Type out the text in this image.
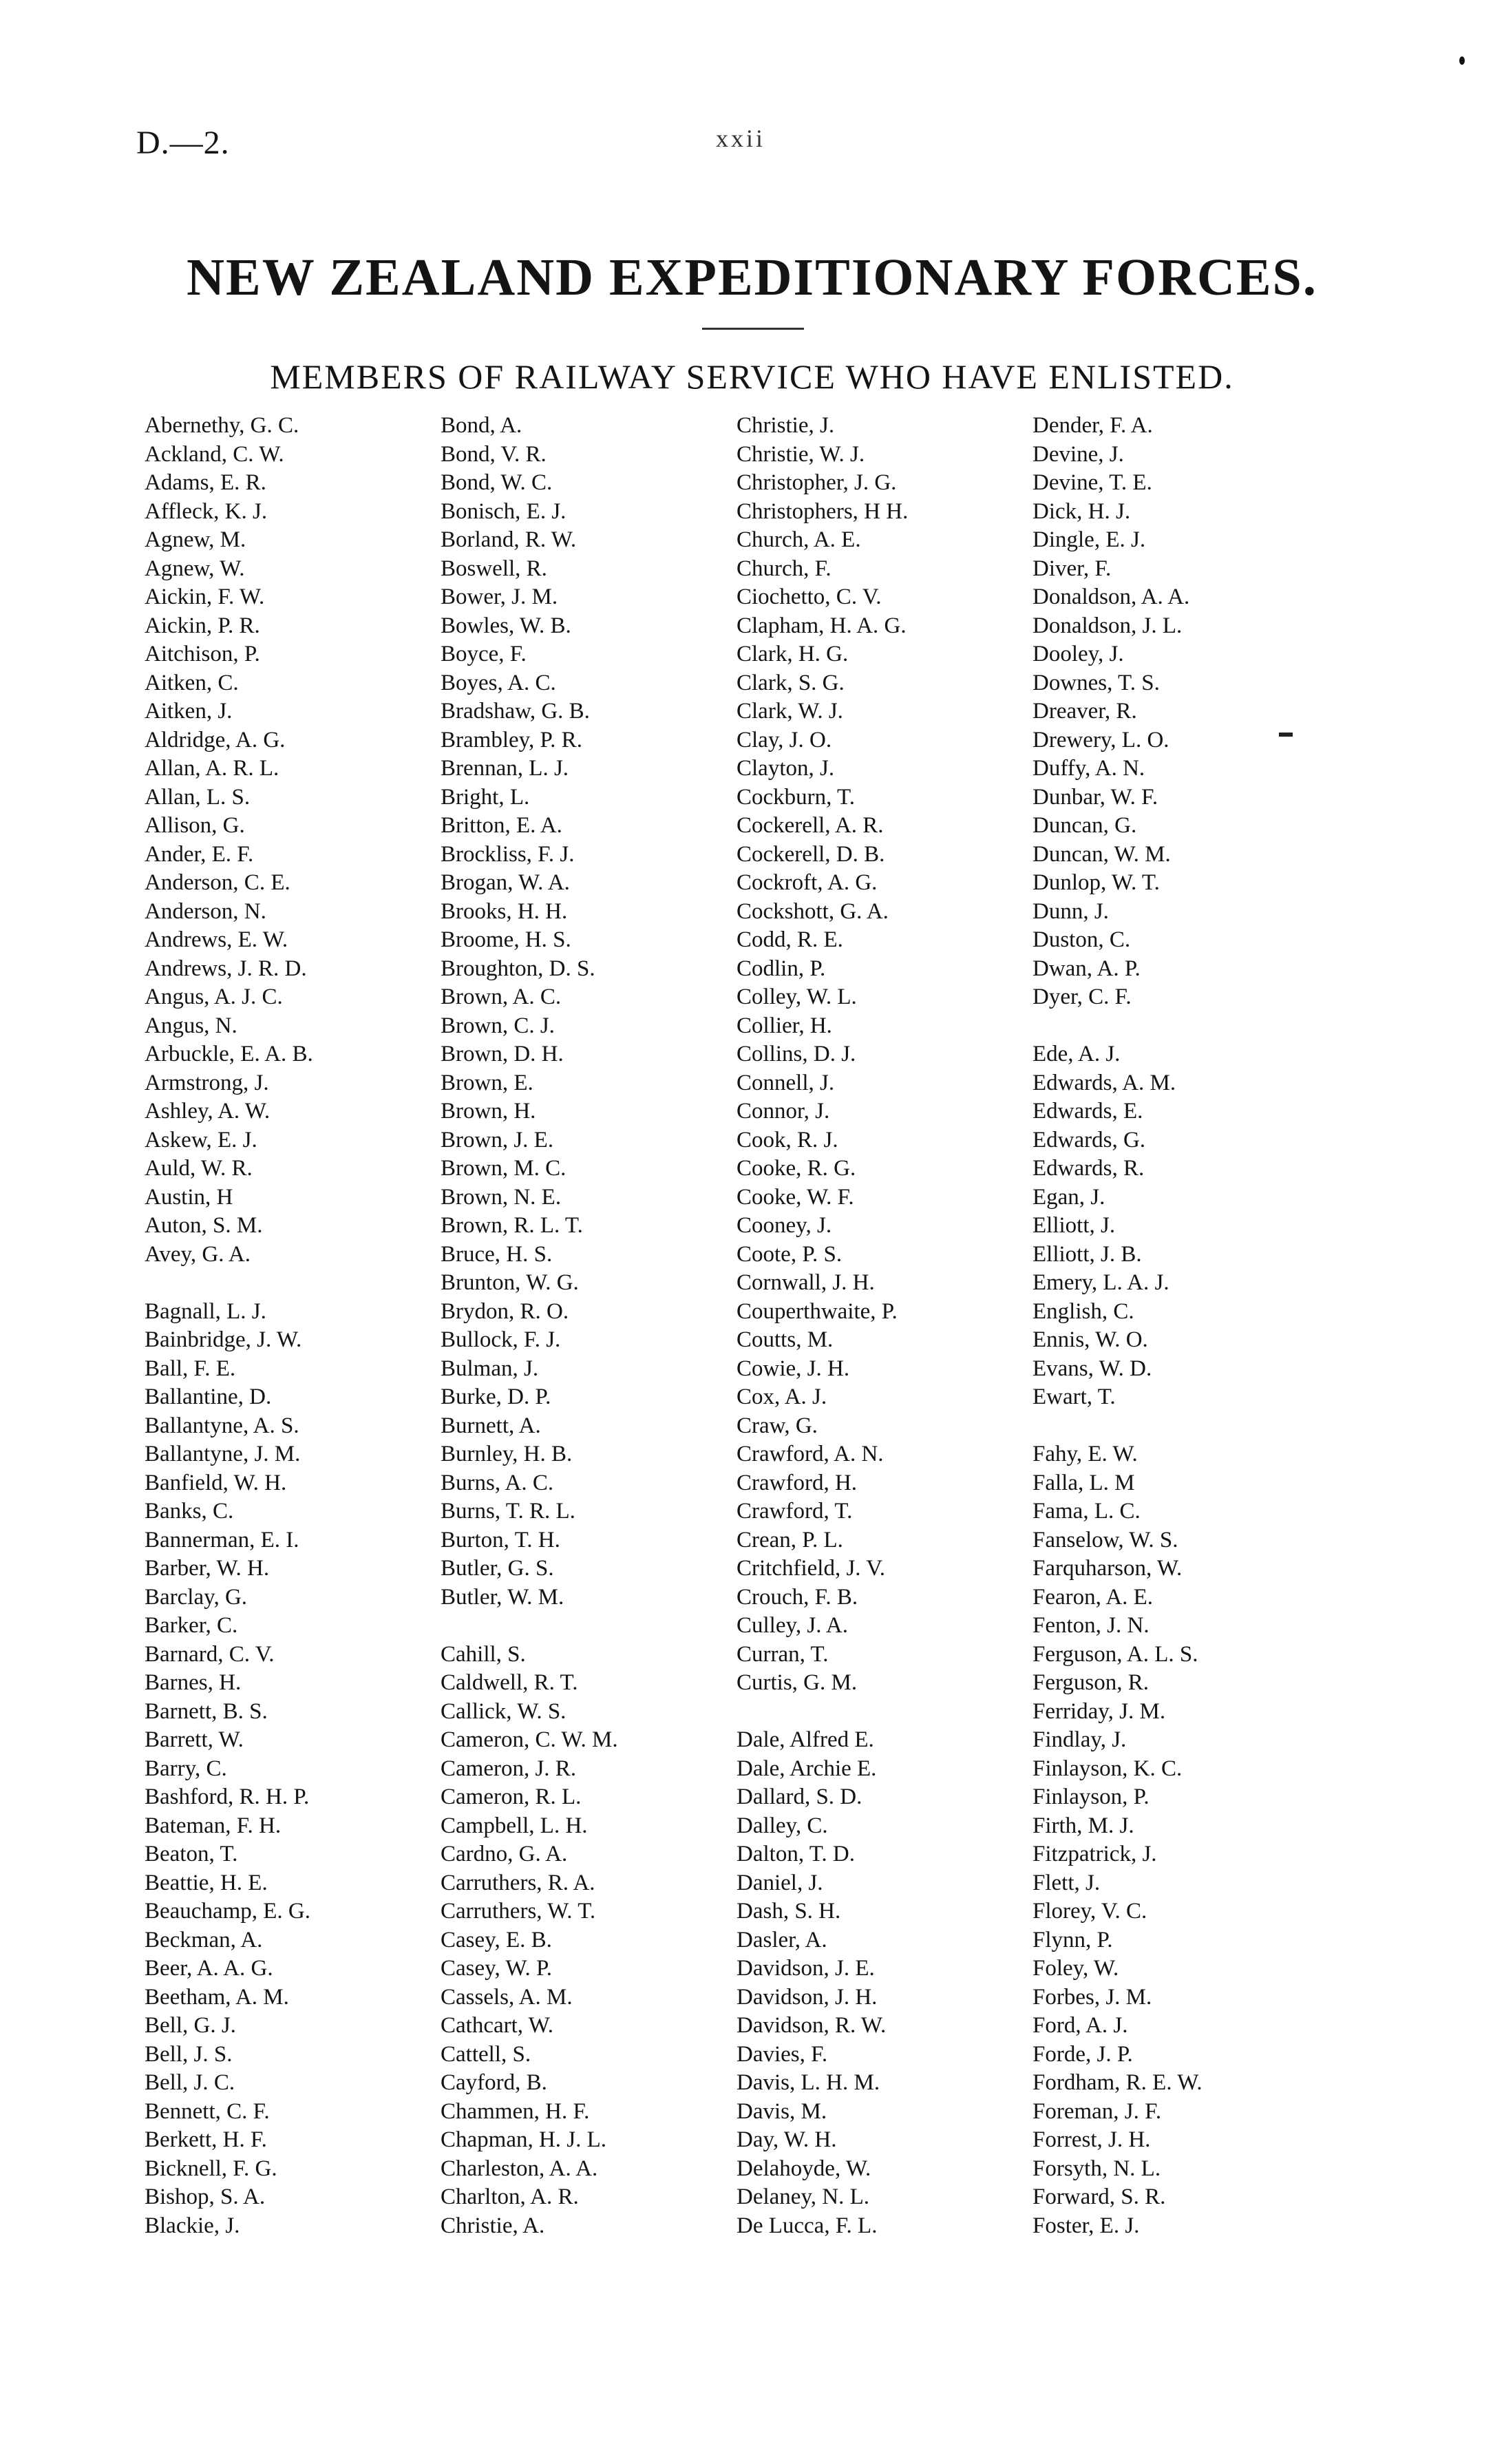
D.—2.	xxii
NEW ZEALAND EXPEDITIONARY FORCES.
MEMBERS OF RAILWAY SERVICE WHO HAVE ENLISTED.
Abernethy, G. C.
Ackland, C. W.
Adams, E. R.
Affleck, K. J.
Agnew, M.
Agnew, W.
Aickin, F. W.
Aickin, P. R.
Aitchison, P.
Aitken, C.
Aitken, J.
Aldridge, A. G.
Allan, A. R. L.
Allan, L. S.
Allison, G.
Ander, E. F.
Anderson, C. E.
Anderson, N.
Andrews, E. W.
Andrews, J. R. D.
Angus, A. J. C.
Angus, N.
Arbuckle, E. A. B.
Armstrong, J.
Ashley, A. W.
Askew, E. J.
Auld, W. R.
Austin, H
Auton, S. M.
Avey, G. A.
Bagnall, L. J.
Bainbridge, J. W.
Ball, F. E.
Ballantine, D.
Ballantyne, A. S.
Ballantyne, J. M.
Banfield, W. H.
Banks, C.
Bannerman, E. I.
Barber, W. H.
Barclay, G.
Barker, C.
Barnard, C. V.
Barnes, H.
Barnett, B. S.
Barrett, W.
Barry, C.
Bashford, R. H. P.
Bateman, F. H.
Beaton, T.
Beattie, H. E.
Beauchamp, E. G.
Beckman, A.
Beer, A. A. G.
Beetham, A. M.
Bell, G. J.
Bell, J. S.
Bell, J. C.
Bennett, C. F.
Berkett, H. F.
Bicknell, F. G.
Bishop, S. A.
Blackie, J.
Bond, A.
Bond, V. R.
Bond, W. C.
Bonisch, E. J.
Borland, R. W.
Boswell, R.
Bower, J. M.
Bowles, W. B.
Boyce, F.
Boyes, A. C.
Bradshaw, G. B.
Brambley, P. R.
Brennan, L. J.
Bright, L.
Britton, E. A.
Brockliss, F. J.
Brogan, W. A.
Brooks, H. H.
Broome, H. S.
Broughton, D. S.
Brown, A. C.
Brown, C. J.
Brown, D. H.
Brown, E.
Brown, H.
Brown, J. E.
Brown, M. C.
Brown, N. E.
Brown, R. L. T.
Bruce, H. S.
Brunton, W. G.
Brydon, R. O.
Bullock, F. J.
Bulman, J.
Burke, D. P.
Burnett, A.
Burnley, H. B.
Burns, A. C.
Burns, T. R. L.
Burton, T. H.
Butler, G. S.
Butler, W. M.
Cahill, S.
Caldwell, R. T.
Callick, W. S.
Cameron, C. W. M.
Cameron, J. R.
Cameron, R. L.
Campbell, L. H.
Cardno, G. A.
Carruthers, R. A.
Carruthers, W. T.
Casey, E. B.
Casey, W. P.
Cassels, A. M.
Cathcart, W.
Cattell, S.
Cayford, B.
Chammen, H. F.
Chapman, H. J. L.
Charleston, A. A.
Charlton, A. R.
Christie, A.
Christie, J.
Christie, W. J.
Christopher, J. G.
Christophers, H H.
Church, A. E.
Church, F.
Ciochetto, C. V.
Clapham, H. A. G.
Clark, H. G.
Clark, S. G.
Clark, W. J.
Clay, J. O.
Clayton, J.
Cockburn, T.
Cockerell, A. R.
Cockerell, D. B.
Cockroft, A. G.
Cockshott, G. A.
Codd, R. E.
Codlin, P.
Colley, W. L.
Collier, H.
Collins, D. J.
Connell, J.
Connor, J.
Cook, R. J.
Cooke, R. G.
Cooke, W. F.
Cooney, J.
Coote, P. S.
Cornwall, J. H.
Couperthwaite, P.
Coutts, M.
Cowie, J. H.
Cox, A. J.
Craw, G.
Crawford, A. N.
Crawford, H.
Crawford, T.
Crean, P. L.
Critchfield, J. V.
Crouch, F. B.
Culley, J. A.
Curran, T.
Curtis, G. M.
Dale, Alfred E.
Dale, Archie E.
Dallard, S. D.
Dalley, C.
Dalton, T. D.
Daniel, J.
Dash, S. H.
Dasler, A.
Davidson, J. E.
Davidson, J. H.
Davidson, R. W.
Davies, F.
Davis, L. H. M.
Davis, M.
Day, W. H.
Delahoyde, W.
Delaney, N. L.
De Lucca, F. L.
Dender, F. A.
Devine, J.
Devine, T. E.
Dick, H. J.
Dingle, E. J.
Diver, F.
Donaldson, A. A.
Donaldson, J. L.
Dooley, J.
Downes, T. S.
Dreaver, R.
Drewery, L. O.
Duffy, A. N.
Dunbar, W. F.
Duncan, G.
Duncan, W. M.
Dunlop, W. T.
Dunn, J.
Duston, C.
Dwan, A. P.
Dyer, C. F.
Ede, A. J.
Edwards, A. M.
Edwards, E.
Edwards, G.
Edwards, R.
Egan, J.
Elliott, J.
Elliott, J. B.
Emery, L. A. J.
English, C.
Ennis, W. O.
Evans, W. D.
Ewart, T.
Fahy, E. W.
Falla, L. M
Fama, L. C.
Fanselow, W. S.
Farquharson, W.
Fearon, A. E.
Fenton, J. N.
Ferguson, A. L. S.
Ferguson, R.
Ferriday, J. M.
Findlay, J.
Finlayson, K. C.
Finlayson, P.
Firth, M. J.
Fitzpatrick, J.
Flett, J.
Florey, V. C.
Flynn, P.
Foley, W.
Forbes, J. M.
Ford, A. J.
Forde, J. P.
Fordham, R. E. W.
Foreman, J. F.
Forrest, J. H.
Forsyth, N. L.
Forward, S. R.
Foster, E. J.
